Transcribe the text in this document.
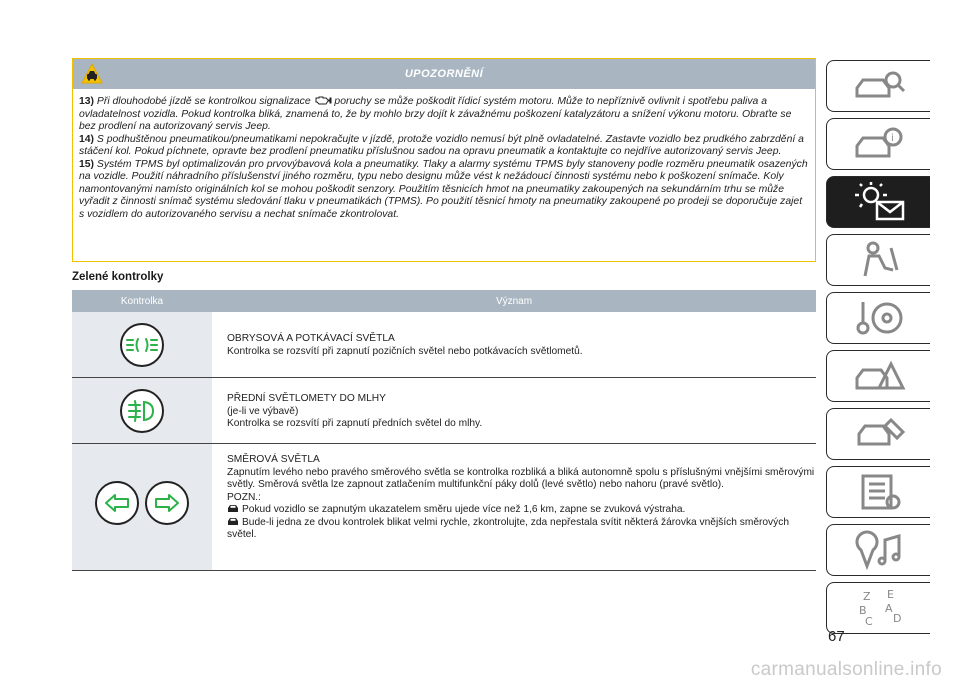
UPOZORNĚNÍ

13) Při dlouhodobé jízdě se kontrolkou signalizace poruchy se může poškodit řídicí systém motoru. Může to nepříznivě ovlivnit i spotřebu paliva a ovladatelnost vozidla. Pokud kontrolka bliká, znamená to, že by mohlo brzy dojít k závažnému poškození katalyzátoru a snížení výkonu motoru. Obraťte se bez prodlení na autorizovaný servis Jeep.

14) S podhuštěnou pneumatikou/pneumatikami nepokračujte v jízdě, protože vozidlo nemusí být plně ovladatelné. Zastavte vozidlo bez prudkého zabrzdění a stáčení kol. Pokud píchnete, opravte bez prodlení pneumatiku příslušnou sadou na opravu pneumatik a kontaktujte co nejdříve autorizovaný servis Jeep.

15) Systém TPMS byl optimalizován pro prvovýbavová kola a pneumatiky. Tlaky a alarmy systému TPMS byly stanoveny podle rozměru pneumatik osazených na vozidle. Použití náhradního příslušenství jiného rozměru, typu nebo designu může vést k nežádoucí činnosti systému nebo k poškození snímače. Koly namontovanými namísto originálních kol se mohou poškodit senzory. Použitím těsnicích hmot na pneumatiky zakoupených na sekundárním trhu se může vyřadit z činnosti snímač systému sledování tlaku v pneumatikách (TPMS). Po použití těsnicí hmoty na pneumatiky zakoupené po prodeji se doporučuje zajet s vozidlem do autorizovaného servisu a nechat snímače zkontrolovat.

Zelené kontrolky
Kontrolka	Význam

OBRYSOVÁ A POTKÁVACÍ SVĚTLA

Kontrolka se rozsvítí při zapnutí pozičních světel nebo potkávacích světlometů.

PŘEDNÍ SVĚTLOMETY DO MLHY

(je-li ve výbavě)

Kontrolka se rozsvítí při zapnutí předních světel do mlhy.

SMĚROVÁ SVĚTLA

Zapnutím levého nebo pravého směrového světla se kontrolka rozbliká a bliká autonomně spolu s příslušnými vnějšími směrovými světly. Směrová světla lze zapnout zatlačením multifunkční páky dolů (levé světlo) nebo nahoru (pravé světlo).

POZN.:

Pokud vozidlo se zapnutým ukazatelem směru ujede více než 1,6 km, zapne se zvuková výstraha.

Bude-li jedna ze dvou kontrolek blikat velmi rychle, zkontrolujte, zda nepřestala svítit některá žárovka vnějších směrových světel.

i
Z E
B A
C D
67
carmanualsonline.info
